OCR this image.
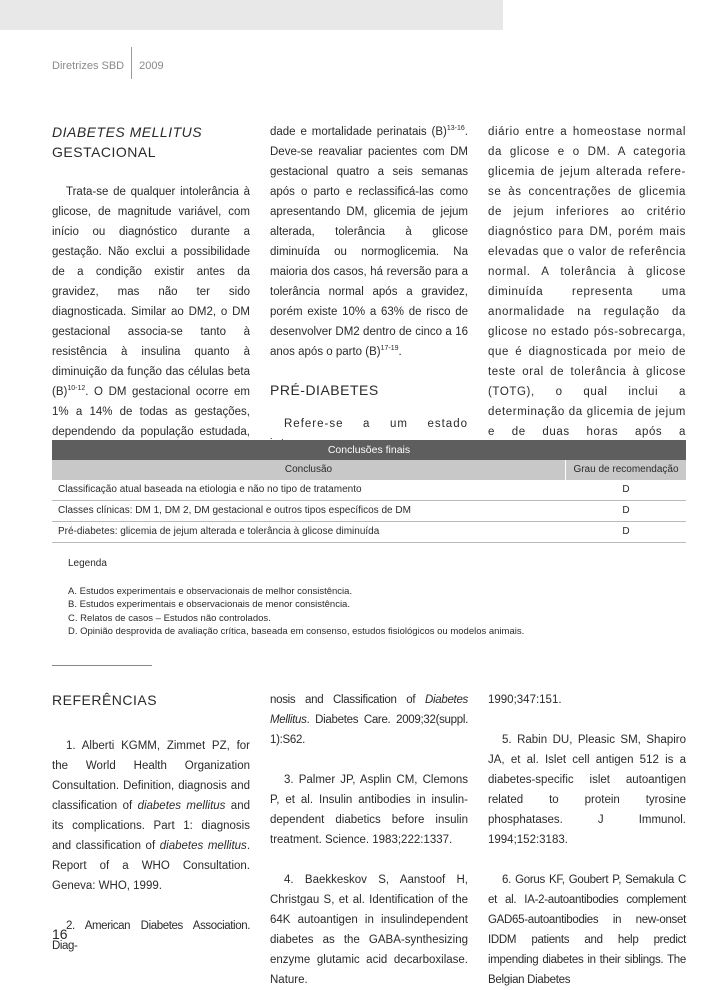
Diretrizes SBD 2009

DIABETES MELLITUS

GESTACIONAL

Trata-se de qualquer intolerância à glicose, de magnitude variável, com início ou diagnóstico durante a gestação. Não exclui a possibilidade de a condição existir antes da gravidez, mas não ter sido diagnosticada. Similar ao DM2, o DM gestacional associa-se tanto à resistência à insulina quanto à diminuição da função das células beta $(B)^{10-12}$. O DM gestacional ocorre em 1% a 14% de todas as gestações, dependendo da população estudada,

dade e mortalidade perinatais $(B)^{13-16}$. Deve-se reavaliar pacientes com DM gestacional quatro a seis semanas após o parto e reclassificá-las como apresentando DM, glicemia de jejum alterada, tolerância à glicose diminuída ou normoglicemia. Na maioria dos casos, há reversão para a tolerância normal após a gravidez, porém existe 10% a 63% de risco de desenvolver DM2 dentro de cinco a 16 anos após o parto $(B)^{17-19}$.

PRÉ-DIABETES

Refere-se a um estado

diário entre a homeostase normal da glicose e o DM. A categoria glicemia de jejum alterada refere-se às concentrações de glicemia de jejum inferiores ao critério diagnóstico para DM, porém mais elevadas que o valor de referência normal. A tolerância à glicose diminuída representa uma anormalidade na regulação da glicose no estado pós-sobrecarga, que é diagnosticada por meio de teste oral de tolerância à glicose (TOTG), o qual inclui a determinação da glicemia de jejum e de duas horas após a

Conclusões finais
Conclusão	Grau de recomendação
Classificação atual baseada na etiologia e não no tipo de tratamento	D
Classes clínicas: DM 1, DM 2, DM gestacional e outros tipos específicos de DM	D
Pré-diabetes: glicemia de jejum alterada e tolerância à glicose diminuída	D
Legenda
A. Estudos experimentais e observacionais de melhor consistência.
B. Estudos experimentais e observacionais de menor consistência.
C. Relatos de casos – Estudos não controlados.
D. Opinião desprovida de avaliação crítica, baseada em consenso, estudos fisiológicos ou modelos animais.

REFERÊNCIAS

1. Alberti KGMM, Zimmet PZ, for the World Health Organization Consultation. Definition, diagnosis and classification of diabetes mellitus and its complications. Part 1: diagnosis and classification of diabetes mellitus. Report of a WHO Consultation. Geneva: WHO, 1999.

2. American Diabetes Association. Diag-

nosis and Classification of Diabetes Mellitus. Diabetes Care. 2009;32(suppl. 1):S62.

3. Palmer JP, Asplin CM, Clemons P, et al. Insulin antibodies in insulin-dependent diabetics before insulin treatment. Science. 1983;222:1337.

4. Baekkeskov S, Aanstoof H, Christgau S, et al. Identification of the 64K autoantigen in insulindependent diabetes as the GABA-synthesizing enzyme glutamic acid decarboxilase. Nature.

1990;347:151.

5. Rabin DU, Pleasic SM, Shapiro JA, et al. Islet cell antigen 512 is a diabetes-specific islet autoantigen related to protein tyrosine phosphatases. J Immunol. 1994;152:3183.

6. Gorus KF, Goubert P, Semakula C et al. IA-2-autoantibodies complement GAD65-autoantibodies in new-onset IDDM patients and help predict impending diabetes in their siblings. The Belgian Diabetes

16
